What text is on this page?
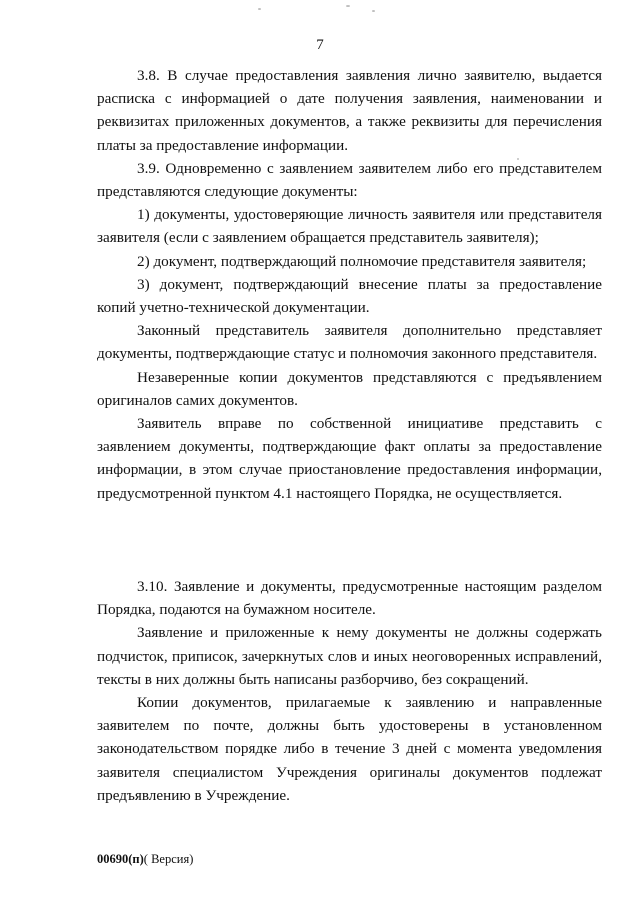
7

3.8. В случае предоставления заявления лично заявителю, выдается расписка с информацией о дате получения заявления, наименовании и реквизитах приложенных документов, а также реквизиты для перечисления платы за предоставление информации.

3.9. Одновременно с заявлением заявителем либо его представителем представляются следующие документы:

1) документы, удостоверяющие личность заявителя или представителя заявителя (если с заявлением обращается представитель заявителя);

2) документ, подтверждающий полномочие представителя заявителя;

3) документ, подтверждающий внесение платы за предоставление копий учетно-технической документации.

Законный представитель заявителя дополнительно представляет документы, подтверждающие статус и полномочия законного представителя.

Незаверенные копии документов представляются с предъявлением оригиналов самих документов.

Заявитель вправе по собственной инициативе представить с заявлением документы, подтверждающие факт оплаты за предоставление информации, в этом случае приостановление предоставления информации, предусмотренной пунктом 4.1 настоящего Порядка, не осуществляется.

3.10. Заявление и документы, предусмотренные настоящим разделом Порядка, подаются на бумажном носителе.

Заявление и приложенные к нему документы не должны содержать подчисток, приписок, зачеркнутых слов и иных неоговоренных исправлений, тексты в них должны быть написаны разборчиво, без сокращений.

Копии документов, прилагаемые к заявлению и направленные заявителем по почте, должны быть удостоверены в установленном законодательством порядке либо в течение 3 дней с момента уведомления заявителя специалистом Учреждения оригиналы документов подлежат предъявлению в Учреждение.

00690(п)( Версия)
